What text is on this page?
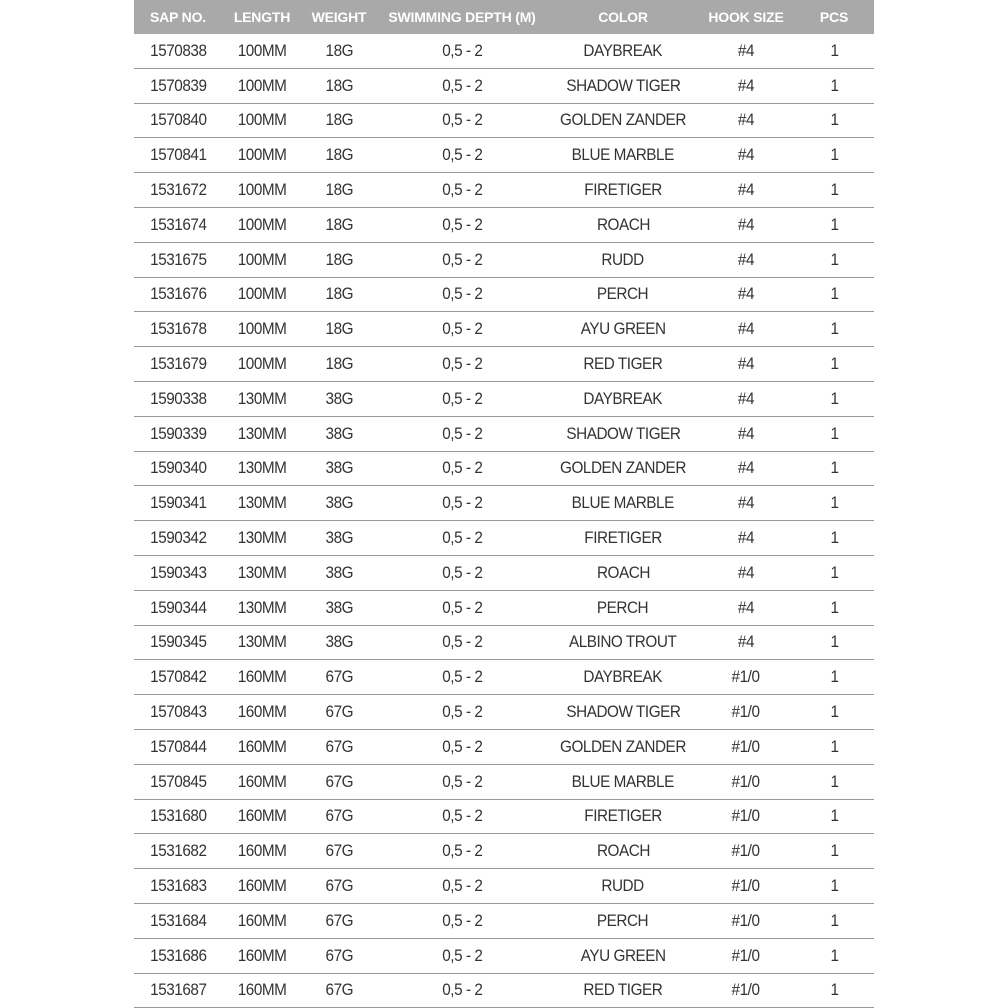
SAP NO.	LENGTH	WEIGHT	SWIMMING DEPTH (M)	COLOR	HOOK SIZE	PCS
1570838	100MM	18G	0,5 - 2	DAYBREAK	#4	1
1570839	100MM	18G	0,5 - 2	SHADOW TIGER	#4	1
1570840	100MM	18G	0,5 - 2	GOLDEN ZANDER	#4	1
1570841	100MM	18G	0,5 - 2	BLUE MARBLE	#4	1
1531672	100MM	18G	0,5 - 2	FIRETIGER	#4	1
1531674	100MM	18G	0,5 - 2	ROACH	#4	1
1531675	100MM	18G	0,5 - 2	RUDD	#4	1
1531676	100MM	18G	0,5 - 2	PERCH	#4	1
1531678	100MM	18G	0,5 - 2	AYU GREEN	#4	1
1531679	100MM	18G	0,5 - 2	RED TIGER	#4	1
1590338	130MM	38G	0,5 - 2	DAYBREAK	#4	1
1590339	130MM	38G	0,5 - 2	SHADOW TIGER	#4	1
1590340	130MM	38G	0,5 - 2	GOLDEN ZANDER	#4	1
1590341	130MM	38G	0,5 - 2	BLUE MARBLE	#4	1
1590342	130MM	38G	0,5 - 2	FIRETIGER	#4	1
1590343	130MM	38G	0,5 - 2	ROACH	#4	1
1590344	130MM	38G	0,5 - 2	PERCH	#4	1
1590345	130MM	38G	0,5 - 2	ALBINO TROUT	#4	1
1570842	160MM	67G	0,5 - 2	DAYBREAK	#1/0	1
1570843	160MM	67G	0,5 - 2	SHADOW TIGER	#1/0	1
1570844	160MM	67G	0,5 - 2	GOLDEN ZANDER	#1/0	1
1570845	160MM	67G	0,5 - 2	BLUE MARBLE	#1/0	1
1531680	160MM	67G	0,5 - 2	FIRETIGER	#1/0	1
1531682	160MM	67G	0,5 - 2	ROACH	#1/0	1
1531683	160MM	67G	0,5 - 2	RUDD	#1/0	1
1531684	160MM	67G	0,5 - 2	PERCH	#1/0	1
1531686	160MM	67G	0,5 - 2	AYU GREEN	#1/0	1
1531687	160MM	67G	0,5 - 2	RED TIGER	#1/0	1
